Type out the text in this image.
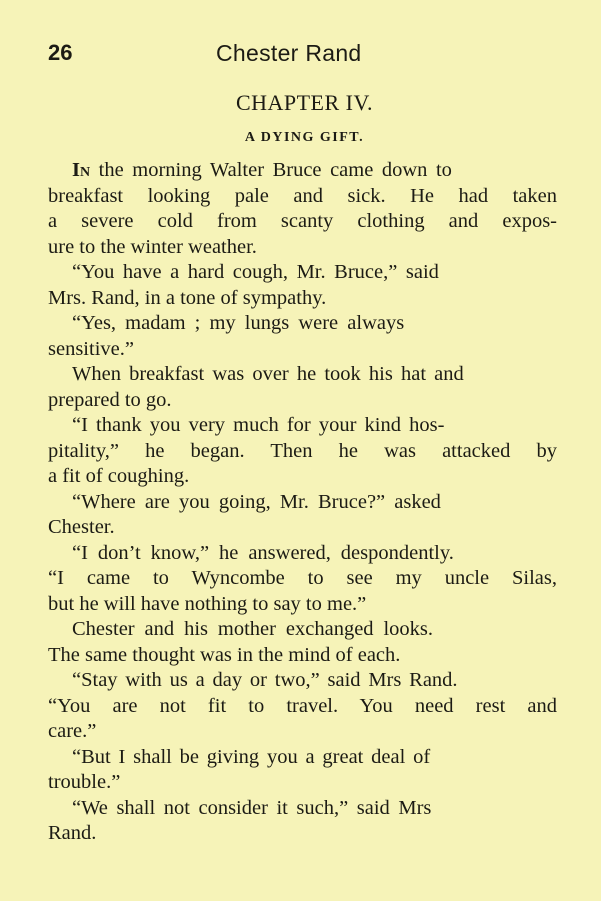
26	Chester Rand
CHAPTER IV.
A DYING GIFT.
In the morning Walter Bruce came down to
breakfast looking pale and sick. He had taken
a severe cold from scanty clothing and expos-
ure to the winter weather.
“You have a hard cough, Mr. Bruce,” said
Mrs. Rand, in a tone of sympathy.
“Yes, madam ; my lungs were always
sensitive.”
When breakfast was over he took his hat and
prepared to go.
“I thank you very much for your kind hos-
pitality,” he began. Then he was attacked by
a fit of coughing.
“Where are you going, Mr. Bruce?” asked
Chester.
“I don’t know,” he answered, despondently.
“I came to Wyncombe to see my uncle Silas,
but he will have nothing to say to me.”
Chester and his mother exchanged looks.
The same thought was in the mind of each.
“Stay with us a day or two,” said Mrs Rand.
“You are not fit to travel. You need rest and
care.”
“But I shall be giving you a great deal of
trouble.”
“We shall not consider it such,” said Mrs
Rand.
